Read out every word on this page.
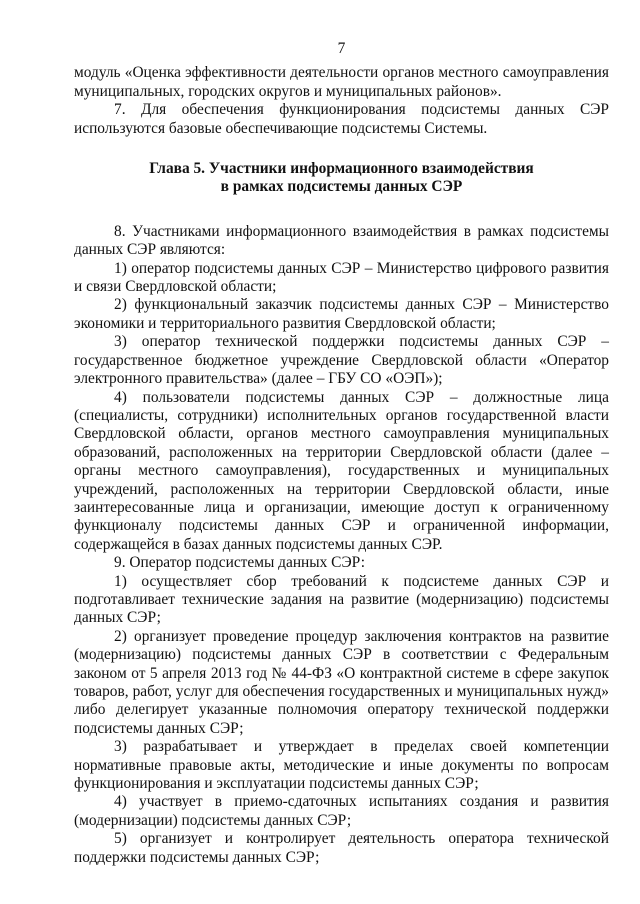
7

модуль «Оценка эффективности деятельности органов местного самоуправления муниципальных, городских округов и муниципальных районов».

7. Для обеспечения функционирования подсистемы данных СЭР используются базовые обеспечивающие подсистемы Системы.

Глава 5. Участники информационного взаимодействия
в рамках подсистемы данных СЭР

8. Участниками информационного взаимодействия в рамках подсистемы данных СЭР являются:

1) оператор подсистемы данных СЭР – Министерство цифрового развития и связи Свердловской области;

2) функциональный заказчик подсистемы данных СЭР – Министерство экономики и территориального развития Свердловской области;

3) оператор технической поддержки подсистемы данных СЭР – государственное бюджетное учреждение Свердловской области «Оператор электронного правительства» (далее – ГБУ СО «ОЭП»);

4) пользователи подсистемы данных СЭР – должностные лица (специалисты, сотрудники) исполнительных органов государственной власти Свердловской области, органов местного самоуправления муниципальных образований, расположенных на территории Свердловской области (далее – органы местного самоуправления), государственных и муниципальных учреждений, расположенных на территории Свердловской области, иные заинтересованные лица и организации, имеющие доступ к ограниченному функционалу подсистемы данных СЭР и ограниченной информации, содержащейся в базах данных подсистемы данных СЭР.

9. Оператор подсистемы данных СЭР:

1) осуществляет сбор требований к подсистеме данных СЭР и подготавливает технические задания на развитие (модернизацию) подсистемы данных СЭР;

2) организует проведение процедур заключения контрактов на развитие (модернизацию) подсистемы данных СЭР в соответствии с Федеральным законом от 5 апреля 2013 год № 44-ФЗ «О контрактной системе в сфере закупок товаров, работ, услуг для обеспечения государственных и муниципальных нужд» либо делегирует указанные полномочия оператору технической поддержки подсистемы данных СЭР;

3) разрабатывает и утверждает в пределах своей компетенции нормативные правовые акты, методические и иные документы по вопросам функционирования и эксплуатации подсистемы данных СЭР;

4) участвует в приемо-сдаточных испытаниях создания и развития (модернизации) подсистемы данных СЭР;

5) организует и контролирует деятельность оператора технической поддержки подсистемы данных СЭР;
